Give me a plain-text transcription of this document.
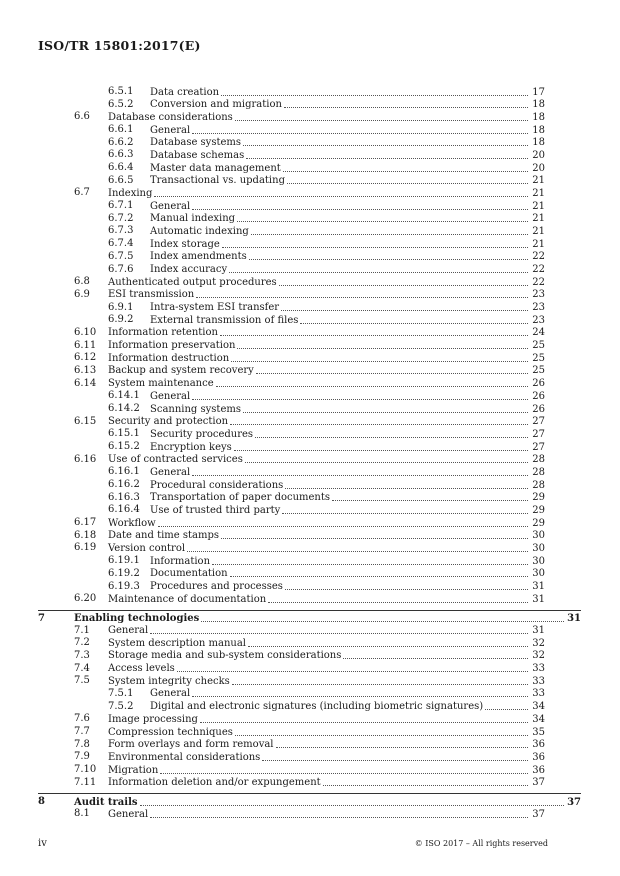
ISO/TR 15801:2017(E)
6.5.1 Data creation	17
6.5.2 Conversion and migration	18
6.6 Database considerations	18
6.6.1 General	18
6.6.2 Database systems	18
6.6.3 Database schemas	20
6.6.4 Master data management	20
6.6.5 Transactional vs. updating	21
6.7 Indexing	21
6.7.1 General	21
6.7.2 Manual indexing	21
6.7.3 Automatic indexing	21
6.7.4 Index storage	21
6.7.5 Index amendments	22
6.7.6 Index accuracy	22
6.8 Authenticated output procedures	22
6.9 ESI transmission	23
6.9.1 Intra-system ESI transfer	23
6.9.2 External transmission of files	23
6.10 Information retention	24
6.11 Information preservation	25
6.12 Information destruction	25
6.13 Backup and system recovery	25
6.14 System maintenance	26
6.14.1 General	26
6.14.2 Scanning systems	26
6.15 Security and protection	27
6.15.1 Security procedures	27
6.15.2 Encryption keys	27
6.16 Use of contracted services	28
6.16.1 General	28
6.16.2 Procedural considerations	28
6.16.3 Transportation of paper documents	29
6.16.4 Use of trusted third party	29
6.17 Workflow	29
6.18 Date and time stamps	30
6.19 Version control	30
6.19.1 Information	30
6.19.2 Documentation	30
6.19.3 Procedures and processes	31
6.20 Maintenance of documentation	31
7	Enabling technologies	31
7.1 General	31
7.2 System description manual	32
7.3 Storage media and sub-system considerations	32
7.4 Access levels	33
7.5 System integrity checks	33
7.5.1 General	33
7.5.2 Digital and electronic signatures (including biometric signatures)	34
7.6 Image processing	34
7.7 Compression techniques	35
7.8 Form overlays and form removal	36
7.9 Environmental considerations	36
7.10 Migration	36
7.11 Information deletion and/or expungement	37
8	Audit trails	37
8.1 General	37
iv	© ISO 2017 – All rights reserved
